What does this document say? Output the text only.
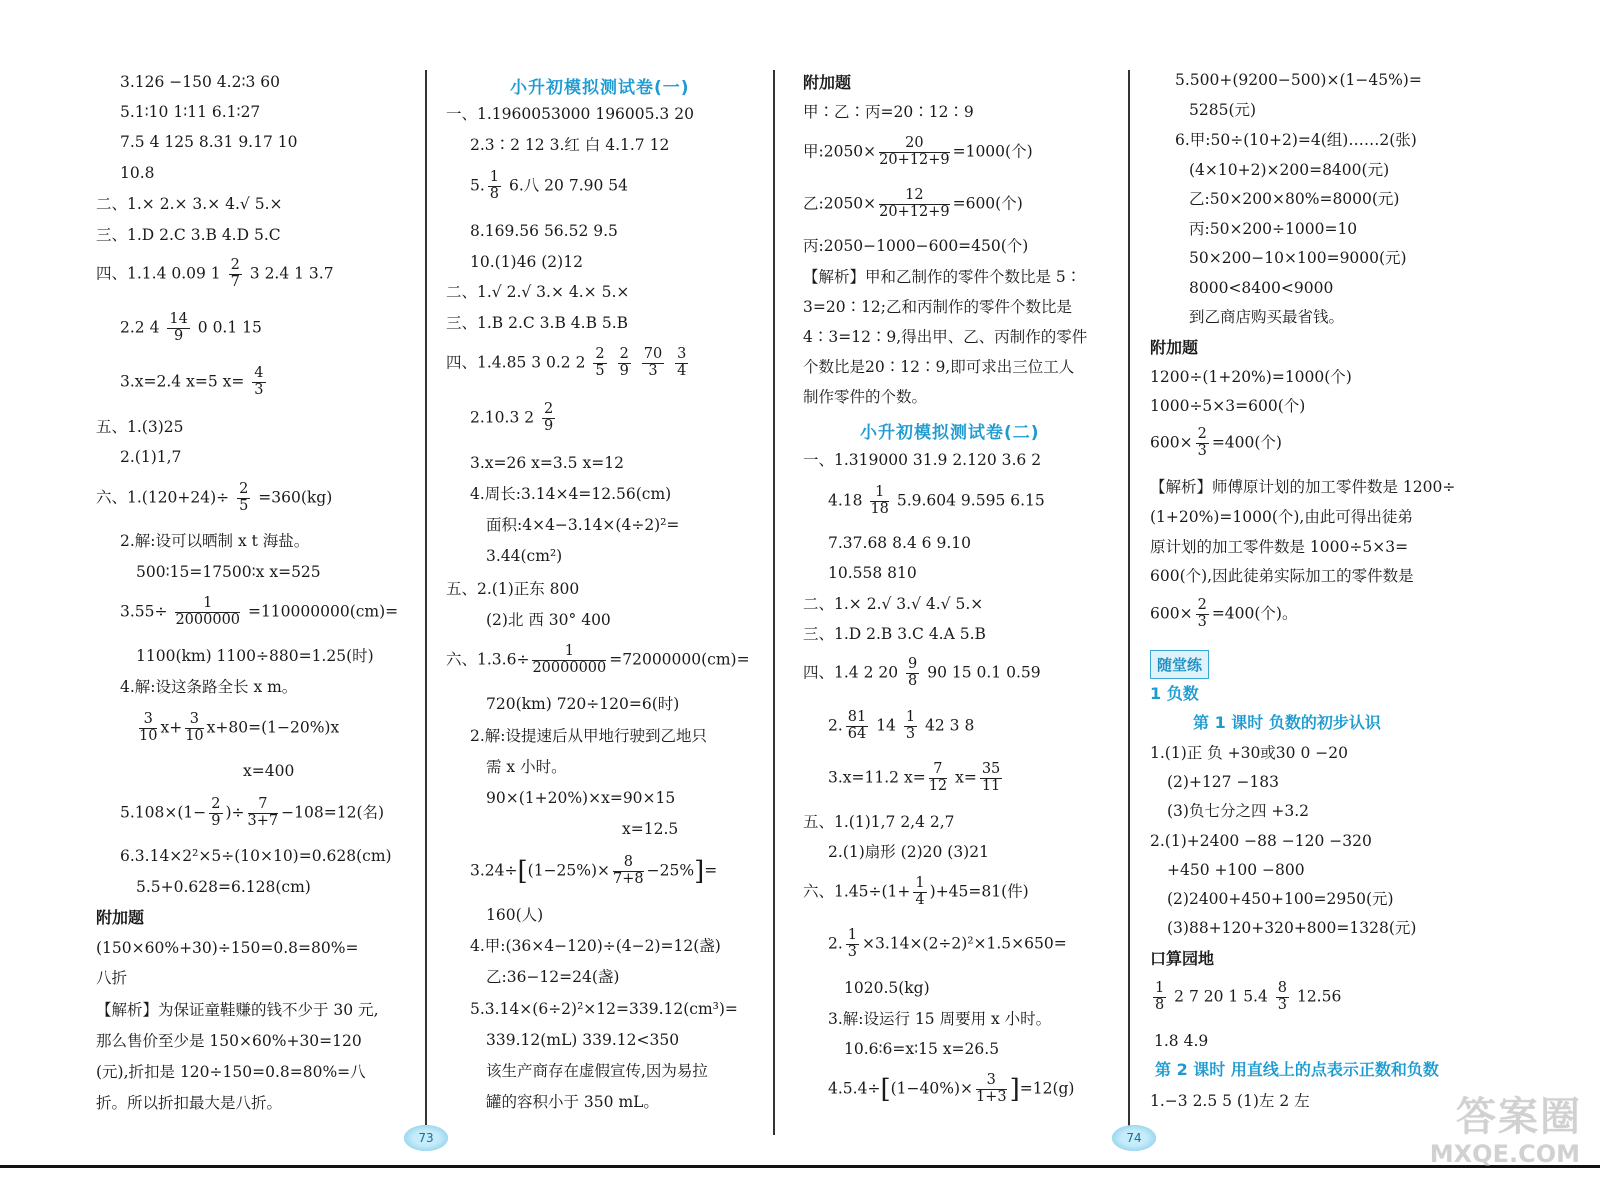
3.126 −150 4.2∶3 60
5.1∶10 1∶11 6.1∶27
7.5 4 125 8.31 9.17 10
10.8
二、1.× 2.× 3.× 4.√ 5.×
三、1.D 2.C 3.B 4.D 5.C
四、1.1.4 0.09 $1 \frac{2}{7} 3$ 2.4 1 3.7
2.2 $4 \frac{14}{9} 0$ 0.1 15
3.x=2.4 x=5 $x= \frac{4}{3}$
五、1.(3)25
2.(1)1,7
六、$1.(120+24)\div \frac{2}{5} =360(kg)$
2.解:设可以晒制 x t 海盐。
500∶15=17500∶x x=525
$3.55\div \frac{1}{2000000} =110000000(cm)=$
1100(km) 1100÷880=1.25(时)
4.解:设这条路全长 x m。
$\frac{3}{10} x+ \frac{3}{10} x+80=(1-20\%)x$
x=400
$5.108\times(1- \frac{2}{9}$ )÷ $\frac{7}{3+7} -108=12$(名)
6.3.14×2²×5÷(10×10)=0.628(cm)
5.5+0.628=6.128(cm)
附加题
(150×60%+30)÷150=0.8=80%=
八折
【解析】为保证童鞋赚的钱不少于 30 元,
那么售价至少是 150×60%+30=120
(元),折扣是 120÷150=0.8=80%=八
折。所以折扣最大是八折。
小升初模拟测试卷(一)
一、1.1960053000 196005.3 20
2.3∶2 12 3.红 白 4.1.7 12
5. $\frac{1}{8} 6$.八 20 7.90 54
8.169.56 56.52 9.5
10.(1)46 (2)12
二、1.√ 2.√ 3.× 4.× 5.×
三、1.B 2.C 3.B 4.B 5.B
四、1.4.85 3 0.2 $2 \frac{2}{5}$
$\frac{2}{9}$
$\frac{70}{3}$
$\frac{3}{4}$
2.10.3 $2 \frac{2}{9}$
3.x=26 x=3.5 x=12
4.周长:3.14×4=12.56(cm)
面积:4×4−3.14×(4÷2)²=
3.44(cm²)
五、2.(1)正东 800
(2)北 西 30° 400
六、$1.3.6\div \frac{1}{20000000} =72000000(cm)=$
720(km) 720÷120=6(时)
2.解:设提速后从甲地行驶到乙地只
需 x 小时。
90×(1+20%)×x=90×15
x=12.5
$3.24\div[(1-25\%)\times \frac{8}{7+8} -25\%]=$
160(人)
4.甲:(36×4−120)÷(4−2)=12(盏)
乙:36−12=24(盏)
5.3.14×(6÷2)²×12=339.12(cm³)=
339.12(mL) 339.12<350
该生产商存在虚假宣传,因为易拉
罐的容积小于 350 mL。
附加题
甲∶乙∶丙=20∶12∶9
甲:2050× $\frac{20}{20+12+9} =1000$(个)
乙:2050× $\frac{12}{20+12+9} =600$(个)
丙:2050−1000−600=450(个)
【解析】甲和乙制作的零件个数比是 5∶
3=20∶12;乙和丙制作的零件个数比是
4∶3=12∶9,得出甲、乙、丙制作的零件
个数比是20∶12∶9,即可求出三位工人
制作零件的个数。
小升初模拟测试卷(二)
一、1.319000 31.9 2.120 3.6 2
$4.18 \frac{1}{18} 5.9.604$ 9.595 6.15
7.37.68 8.4 6 9.10
10.558 810
二、1.× 2.√ 3.√ 4.√ 5.×
三、1.D 2.B 3.C 4.A 5.B
四、1.4 2 $20 \frac{9}{8} 90$ 15 0.1 0.59
2. $\frac{81}{64} 14 \frac{1}{3} 42$ 3 8
3.x=11.2 $x= \frac{7}{12} x= \frac{35}{11}$
五、1.(1)1,7 2,4 2,7
2.(1)扇形 (2)20 (3)21
六、$1.45\div(1+ \frac{1}{4} )+45=81$(件)
2. $\frac{1}{3} \times 3.14\times(2\div 2)^2\times 1.5\times 650=$
1020.5(kg)
3.解:设运行 15 周要用 x 小时。
10.6∶6=x∶15 x=26.5
$4.5.4\div[(1-40\%)\times \frac{3}{1+3} ]=12(g)$
5.500+(9200−500)×(1−45%)=
5285(元)
6.甲:50÷(10+2)=4(组)……2(张)
(4×10+2)×200=8400(元)
乙:50×200×80%=8000(元)
丙:50×200÷1000=10
50×200−10×100=9000(元)
8000<8400<9000
到乙商店购买最省钱。
附加题
1200÷(1+20%)=1000(个)
1000÷5×3=600(个)
$600\times \frac{2}{3} =400$(个)
【解析】师傅原计划的加工零件数是 1200÷
(1+20%)=1000(个),由此可得出徒弟
原计划的加工零件数是 1000÷5×3=
600(个),因此徒弟实际加工的零件数是
$600\times \frac{2}{3} =400$(个)。
随堂练
1 负数
第 1 课时 负数的初步认识
1.(1)正 负 +30或30 0 −20
(2)+127 −183
(3)负七分之四 +3.2
2.(1)+2400 −88 −120 −320
+450 +100 −800
(2)2400+450+100=2950(元)
(3)88+120+320+800=1328(元)
口算园地
$\frac{1}{8} 2$ 7 20 1 $5.4 \frac{8}{3} 12.56$
1.8 4.9
第 2 课时 用直线上的点表示正数和负数
1.−3 2.5 5 (1)左 2 左
73	74	答案圈
MXQE.COM
